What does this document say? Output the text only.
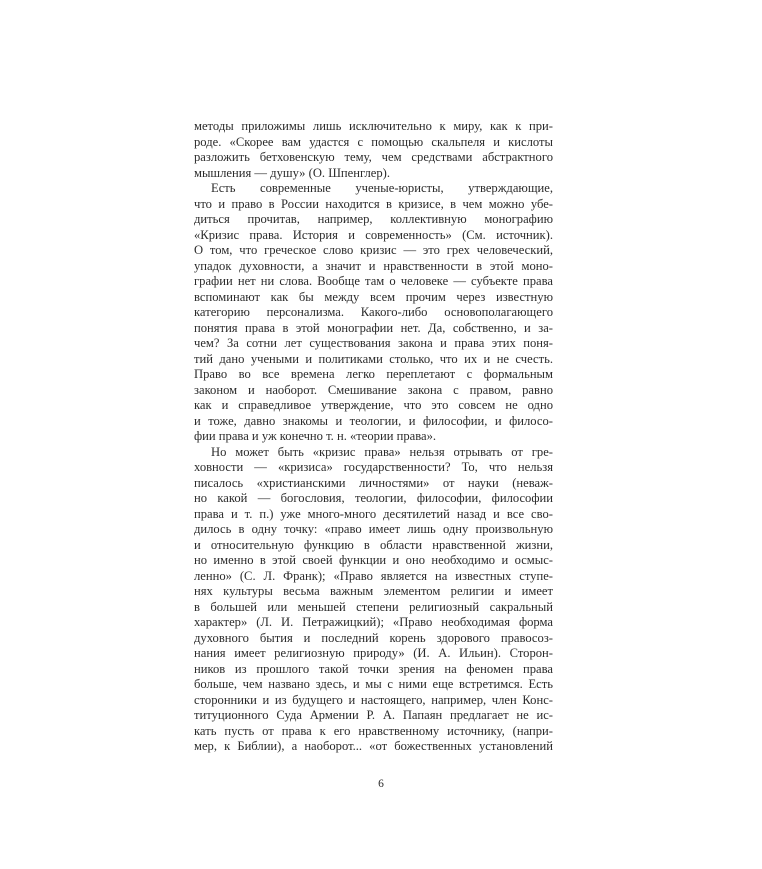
методы приложимы лишь исключительно к миру, как к при-
роде. «Скорее вам удастся с помощью скальпеля и кислоты
разложить бетховенскую тему, чем средствами абстрактного
мышления — душу» (О. Шпенглер).
Есть современные ученые-юристы, утверждающие,
что и право в России находится в кризисе, в чем можно убе-
диться прочитав, например, коллективную монографию
«Кризис права. История и современность» (См. источник).
О том, что греческое слово кризис — это грех человеческий,
упадок духовности, а значит и нравственности в этой моно-
графии нет ни слова. Вообще там о человеке — субъекте права
вспоминают как бы между всем прочим через известную
категорию персонализма. Какого-либо основополагающего
понятия права в этой монографии нет. Да, собственно, и за-
чем? За сотни лет существования закона и права этих поня-
тий дано учеными и политиками столько, что их и не счесть.
Право во все времена легко переплетают с формальным
законом и наоборот. Смешивание закона с правом, равно
как и справедливое утверждение, что это совсем не одно
и тоже, давно знакомы и теологии, и философии, и филосо-
фии права и уж конечно т. н. «теории права».
Но может быть «кризис права» нельзя отрывать от гре-
ховности — «кризиса» государственности? То, что нельзя
писалось «христианскими личностями» от науки (неваж-
но какой — богословия, теологии, философии, философии
права и т. п.) уже много-много десятилетий назад и все сво-
дилось в одну точку: «право имеет лишь одну произвольную
и относительную функцию в области нравственной жизни,
но именно в этой своей функции и оно необходимо и осмыс-
ленно» (С. Л. Франк); «Право является на известных ступе-
нях культуры весьма важным элементом религии и имеет
в большей или меньшей степени религиозный сакральный
характер» (Л. И. Петражицкий); «Право необходимая форма
духовного бытия и последний корень здорового правосоз-
нания имеет религиозную природу» (И. А. Ильин). Сторон-
ников из прошлого такой точки зрения на феномен права
больше, чем названо здесь, и мы с ними еще встретимся. Есть
сторонники и из будущего и настоящего, например, член Конс-
титуционного Суда Армении Р. А. Папаян предлагает не ис-
кать пусть от права к его нравственному источнику, (напри-
мер, к Библии), а наоборот... «от божественных установлений
6
